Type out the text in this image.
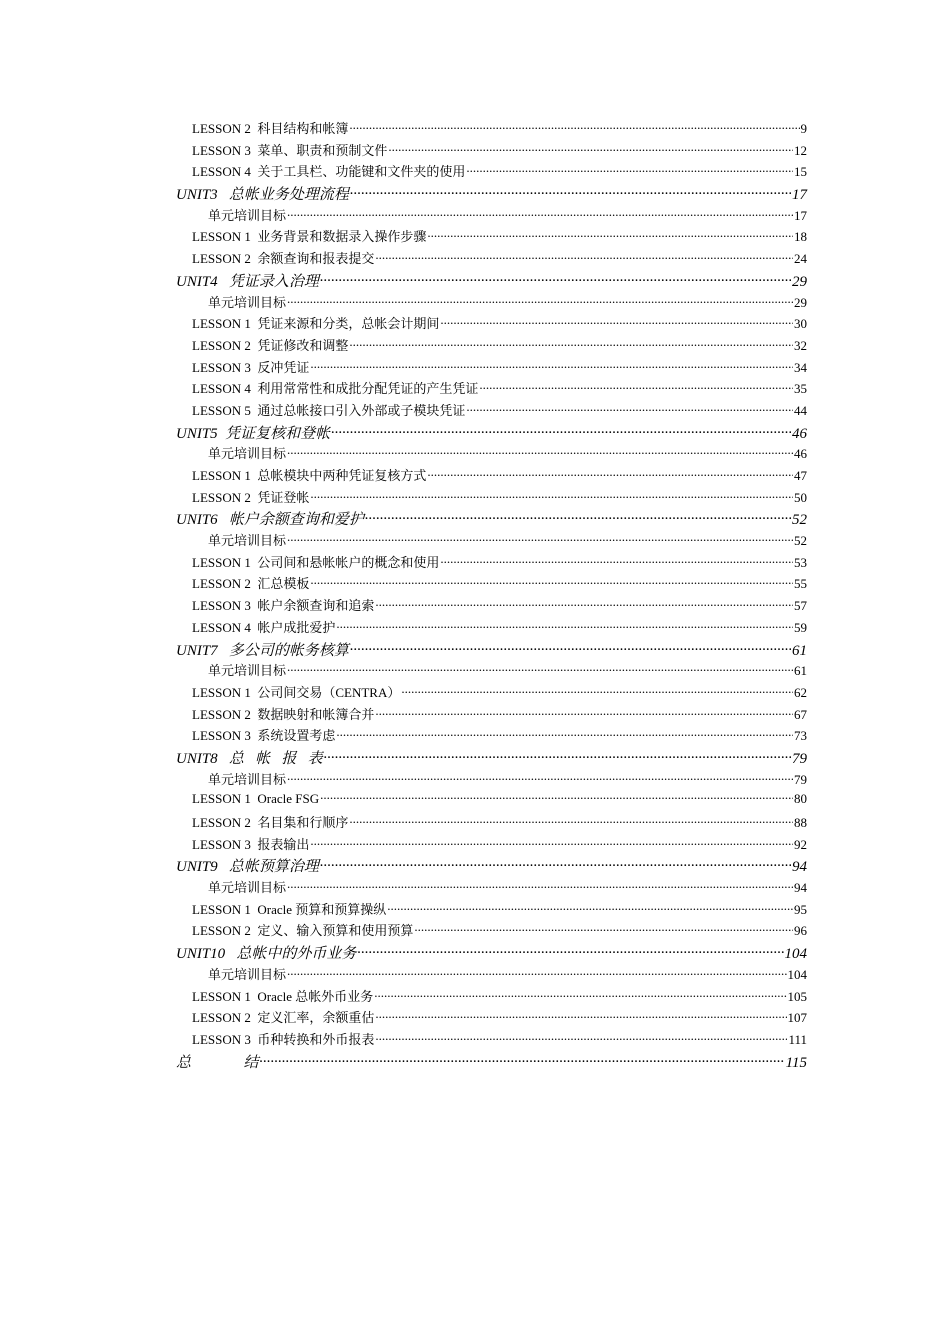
LESSON 2  科目结构和帐簿 .....	9
LESSON 3  菜单、职责和预制文件 .....	12
LESSON 4  关于工具栏、功能键和文件夹的使用 .....	15
UNIT3   总帐业务处理流程 .....	17
单元培训目标 .....	17
LESSON 1  业务背景和数据录入操作步骤 .....	18
LESSON 2  余额查询和报表提交 .....	24
UNIT4   凭证录入治理 .....	29
单元培训目标 .....	29
LESSON 1  凭证来源和分类，总帐会计期间 .....	30
LESSON 2  凭证修改和调整 .....	32
LESSON 3  反冲凭证 .....	34
LESSON 4  利用常常性和成批分配凭证的产生凭证 .....	35
LESSON 5  通过总帐接口引入外部或子模块凭证 .....	44
UNIT5  凭证复核和登帐 .....	46
单元培训目标 .....	46
LESSON 1  总帐模块中两种凭证复核方式 .....	47
LESSON 2  凭证登帐 .....	50
UNIT6   帐户余额查询和爱护 .....	52
单元培训目标 .....	52
LESSON 1  公司间和悬帐帐户的概念和使用 .....	53
LESSON 2  汇总模板 .....	55
LESSON 3  帐户余额查询和追索 .....	57
LESSON 4  帐户成批爱护 .....	59
UNIT7   多公司的帐务核算 .....	61
单元培训目标 .....	61
LESSON 1  公司间交易（CENTRA） .....	62
LESSON 2  数据映射和帐簿合并 .....	67
LESSON 3  系统设置考虑 .....	73
UNIT8   总   帐   报   表 .....	79
单元培训目标 .....	79
LESSON 1  Oracle FSG .....	80
LESSON 2  名目集和行顺序 .....	88
LESSON 3  报表输出 .....	92
UNIT9   总帐预算治理 .....	94
单元培训目标 .....	94
LESSON 1  Oracle 预算和预算操纵 .....	95
LESSON 2  定义、输入预算和使用预算 .....	96
UNIT10   总帐中的外币业务 .....	104
单元培训目标 .....	104
LESSON 1  Oracle 总帐外币业务 .....	105
LESSON 2  定义汇率，余额重估 .....	107
LESSON 3  币种转换和外币报表 .....	111
总              结 .....	115
